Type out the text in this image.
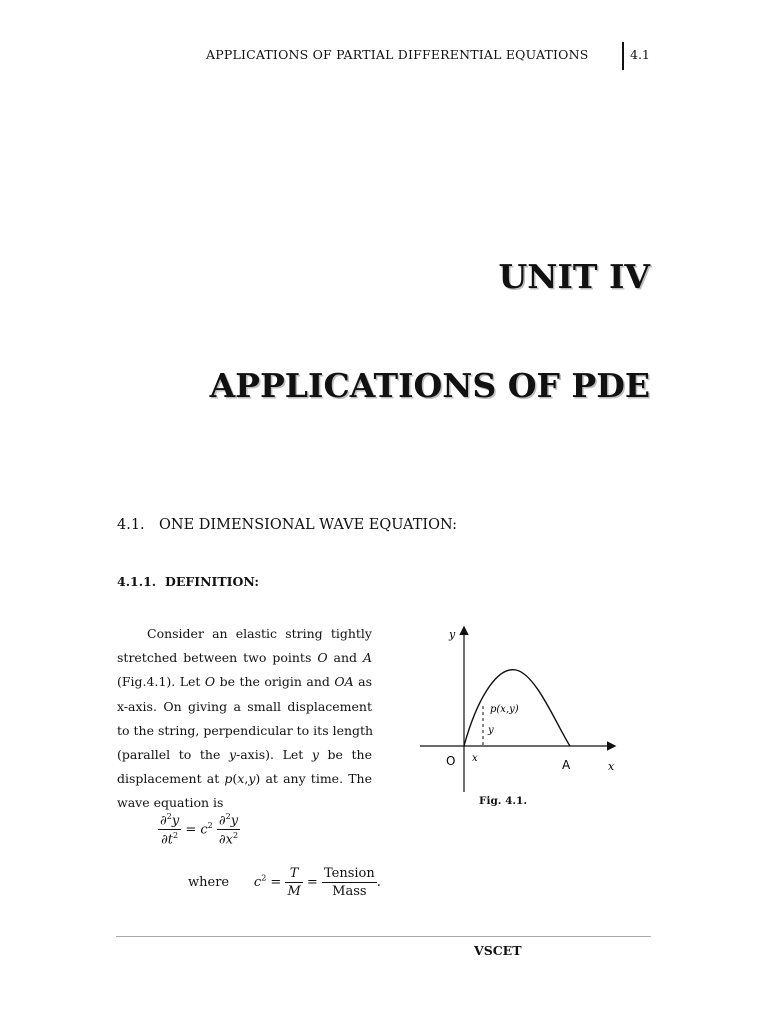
APPLICATIONS OF PARTIAL DIFFERENTIAL EQUATIONS	4.1
UNIT IV
APPLICATIONS OF PDE
4.1. ONE DIMENSIONAL WAVE EQUATION:
4.1.1. DEFINITION:
Consider an elastic string tightly
stretched between two points O and A
(Fig.4.1). Let O be the origin and OA as
x-axis. On giving a small displacement
to the string, perpendicular to its length
(parallel to the y-axis). Let y be the
displacement at p(x,y) at any time. The
wave equation is
$\frac{\partial^2y}{\partial t^2} = c^2 \frac{\partial^2y}{\partial x^2}$
where $c^2 = \frac{T}{M} = \frac{\text{Tension}}{\text{Mass}}$ .
y
x
O	A
p(x,y)
y
x
Fig. 4.1.
VSCET
